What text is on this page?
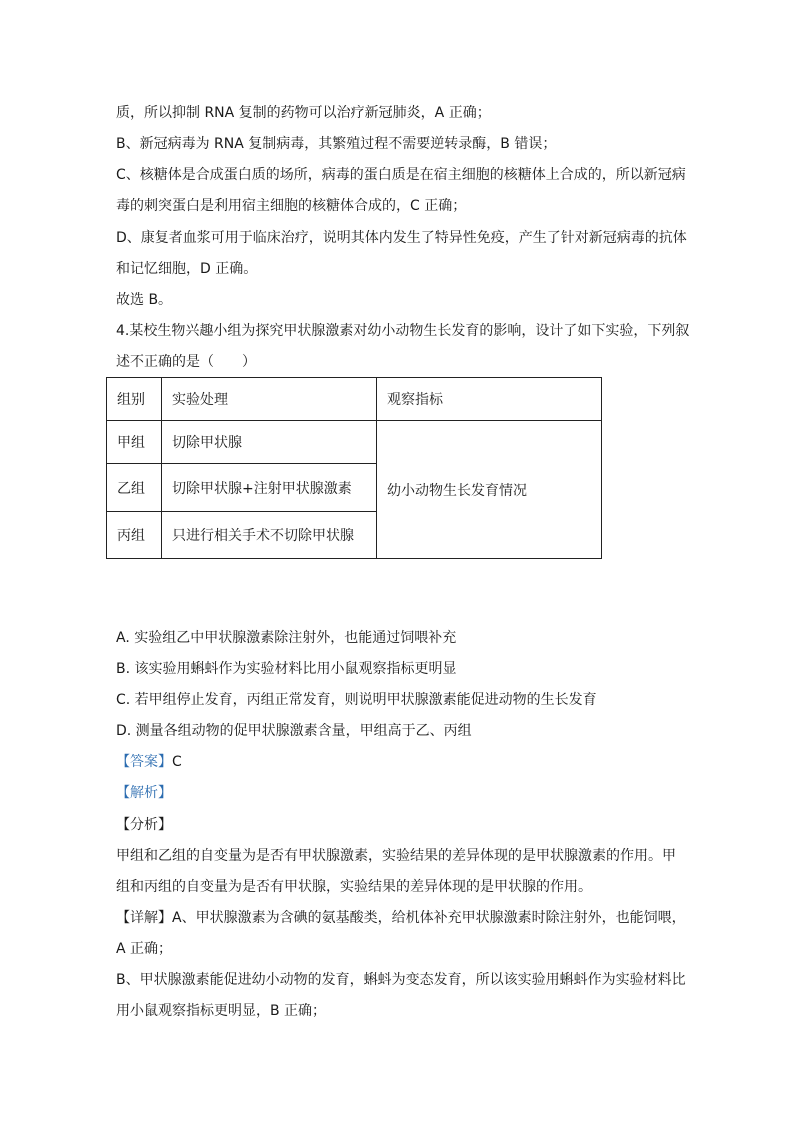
质，所以抑制 RNA 复制的药物可以治疗新冠肺炎，A 正确；
B、新冠病毒为 RNA 复制病毒，其繁殖过程不需要逆转录酶，B 错误；
C、核糖体是合成蛋白质的场所，病毒的蛋白质是在宿主细胞的核糖体上合成的，所以新冠病
毒的刺突蛋白是利用宿主细胞的核糖体合成的，C 正确；
D、康复者血浆可用于临床治疗，说明其体内发生了特异性免疫，产生了针对新冠病毒的抗体
和记忆细胞，D 正确。
故选 B。
4.某校生物兴趣小组为探究甲状腺激素对幼小动物生长发育的影响，设计了如下实验，下列叙
述不正确的是（　　）
组别	实验处理	观察指标
甲组	切除甲状腺	幼小动物生长发育情况
乙组	切除甲状腺+注射甲状腺激素	
丙组	只进行相关手术不切除甲状腺	
A. 实验组乙中甲状腺激素除注射外，也能通过饲喂补充
B. 该实验用蝌蚪作为实验材料比用小鼠观察指标更明显
C. 若甲组停止发育，丙组正常发育，则说明甲状腺激素能促进动物的生长发育
D. 测量各组动物的促甲状腺激素含量，甲组高于乙、丙组
【答案】C
【解析】
【分析】
甲组和乙组的自变量为是否有甲状腺激素，实验结果的差异体现的是甲状腺激素的作用。甲
组和丙组的自变量为是否有甲状腺，实验结果的差异体现的是甲状腺的作用。
【详解】A、甲状腺激素为含碘的氨基酸类，给机体补充甲状腺激素时除注射外，也能饲喂，
A 正确；
B、甲状腺激素能促进幼小动物的发育，蝌蚪为变态发育，所以该实验用蝌蚪作为实验材料比
用小鼠观察指标更明显，B 正确；
